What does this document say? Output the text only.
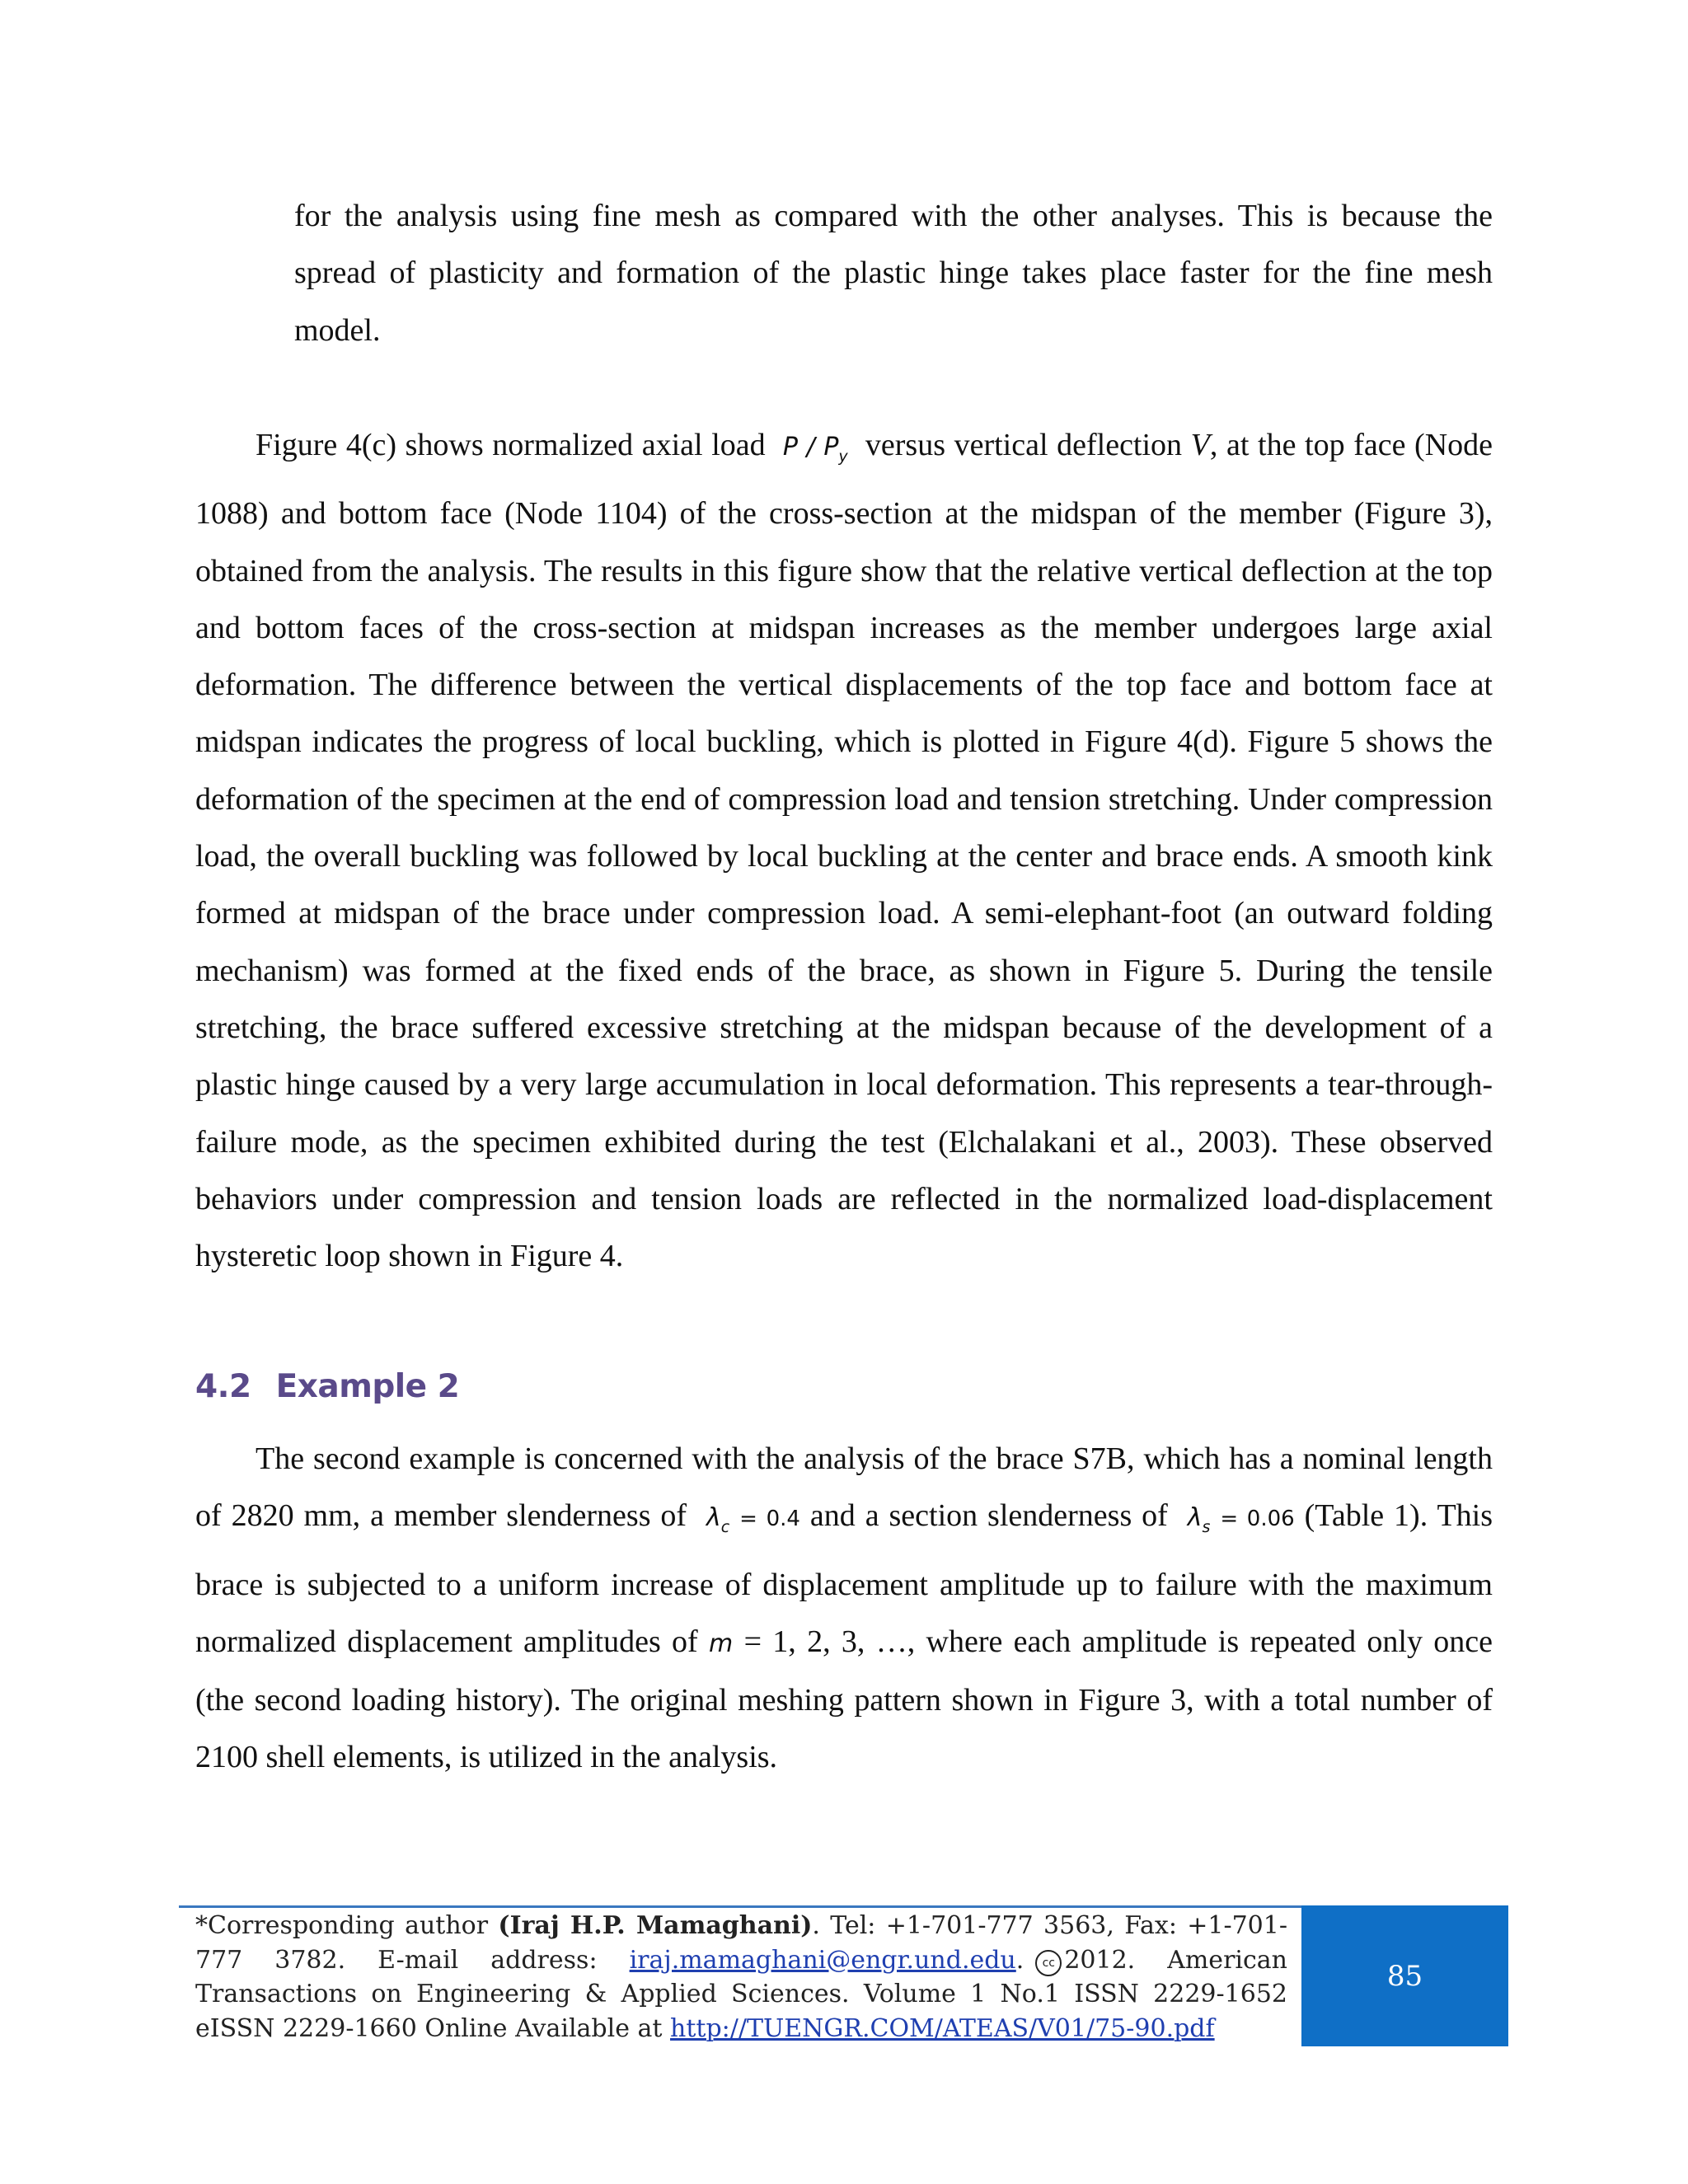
for the analysis using fine mesh as compared with the other analyses. This is because the spread of plasticity and formation of the plastic hinge takes place faster for the fine mesh model.

Figure 4(c) shows normalized axial load P / $P_y$ versus vertical deflection V, at the top face (Node 1088) and bottom face (Node 1104) of the cross-section at the midspan of the member (Figure 3), obtained from the analysis. The results in this figure show that the relative vertical deflection at the top and bottom faces of the cross-section at midspan increases as the member undergoes large axial deformation. The difference between the vertical displacements of the top face and bottom face at midspan indicates the progress of local buckling, which is plotted in Figure 4(d). Figure 5 shows the deformation of the specimen at the end of compression load and tension stretching. Under compression load, the overall buckling was followed by local buckling at the center and brace ends. A smooth kink formed at midspan of the brace under compression load. A semi-elephant-foot (an outward folding mechanism) was formed at the fixed ends of the brace, as shown in Figure 5. During the tensile stretching, the brace suffered excessive stretching at the midspan because of the development of a plastic hinge caused by a very large accumulation in local deformation. This represents a tear-through-failure mode, as the specimen exhibited during the test (Elchalakani et al., 2003). These observed behaviors under compression and tension loads are reflected in the normalized load-displacement hysteretic loop shown in Figure 4.

4.2 Example 2

The second example is concerned with the analysis of the brace S7B, which has a nominal length of 2820 mm, a member slenderness of $\lambda_c = 0.4$ and a section slenderness of $\lambda_s = 0.06$ (Table 1). This brace is subjected to a uniform increase of displacement amplitude up to failure with the maximum normalized displacement amplitudes of m = 1, 2, 3, …, where each amplitude is repeated only once (the second loading history). The original meshing pattern shown in Figure 3, with a total number of 2100 shell elements, is utilized in the analysis.

*Corresponding author (Iraj H.P. Mamaghani). Tel: +1-701-777 3563, Fax: +1-701-777 3782. E-mail address: iraj.mamaghani@engr.und.edu. cc 2012. American Transactions on Engineering & Applied Sciences. Volume 1 No.1 ISSN 2229-1652 eISSN 2229-1660 Online Available at http://TUENGR.COM/ATEAS/V01/75-90.pdf

85
